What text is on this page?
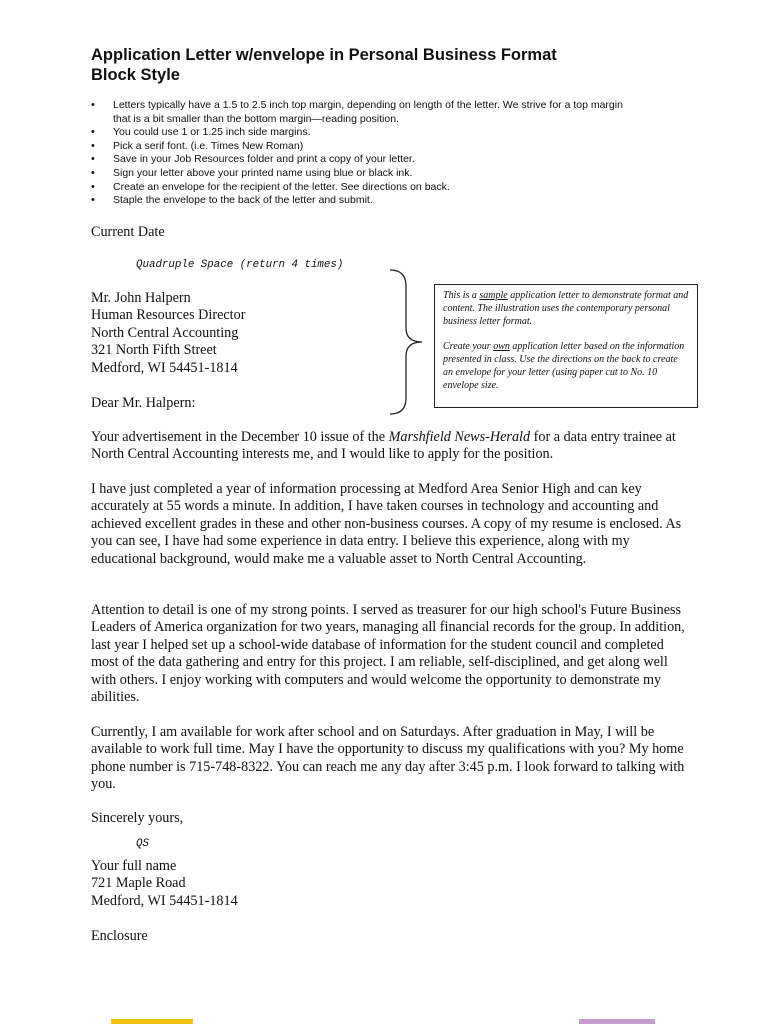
Application Letter w/envelope in Personal Business Format
Block Style
• Letters typically have a 1.5 to 2.5 inch top margin, depending on length of the letter. We strive for a top margin
that is a bit smaller than the bottom margin—reading position.
• You could use 1 or 1.25 inch side margins.
• Pick a serif font. (i.e. Times New Roman)
• Save in your Job Resources folder and print a copy of your letter.
• Sign your letter above your printed name using blue or black ink.
• Create an envelope for the recipient of the letter. See directions on back.
• Staple the envelope to the back of the letter and submit.
Current Date
Quadruple Space (return 4 times)
Mr. John Halpern
Human Resources Director
North Central Accounting
321 North Fifth Street
Medford, WI 54451-1814

This is a sample application letter to demonstrate format and content. The illustration uses the contemporary personal business letter format.

Create your own application letter based on the information presented in class. Use the directions on the back to create an envelope for your letter (using paper cut to No. 10 envelope size.

Dear Mr. Halpern:
Your advertisement in the December 10 issue of the Marshfield News-Herald for a data entry trainee at North Central Accounting interests me, and I would like to apply for the position.
I have just completed a year of information processing at Medford Area Senior High and can key accurately at 55 words a minute. In addition, I have taken courses in technology and accounting and achieved excellent grades in these and other non-business courses. A copy of my resume is enclosed. As you can see, I have had some experience in data entry. I believe this experience, along with my educational background, would make me a valuable asset to North Central Accounting.
Attention to detail is one of my strong points. I served as treasurer for our high school's Future Business Leaders of America organization for two years, managing all financial records for the group. In addition, last year I helped set up a school-wide database of information for the student council and completed most of the data gathering and entry for this project. I am reliable, self-disciplined, and get along well with others. I enjoy working with computers and would welcome the opportunity to demonstrate my abilities.
Currently, I am available for work after school and on Saturdays. After graduation in May, I will be available to work full time. May I have the opportunity to discuss my qualifications with you? My home phone number is 715-748-8322. You can reach me any day after 3:45 p.m. I look forward to talking with you.
Sincerely yours,
QS
Your full name
721 Maple Road
Medford, WI 54451-1814
Enclosure
